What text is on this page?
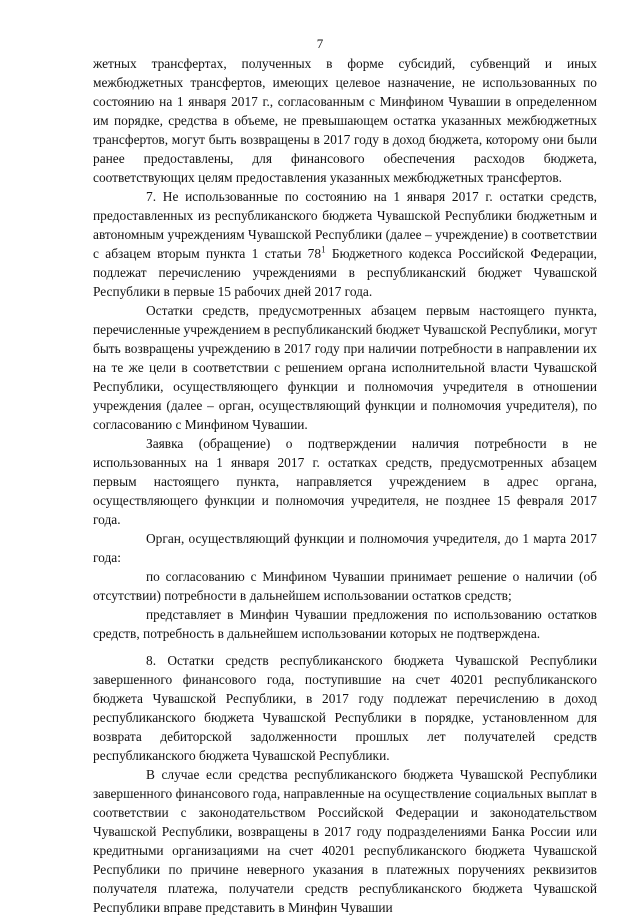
7

жетных трансфертах, полученных в форме субсидий, субвенций и иных межбюджетных трансфертов, имеющих целевое назначение, не использованных по состоянию на 1 января 2017 г., согласованным с Минфином Чувашии в определенном им порядке, средства в объеме, не превышающем остатка указанных межбюджетных трансфертов, могут быть возвращены в 2017 году в доход бюджета, которому они были ранее предоставлены, для финансового обеспечения расходов бюджета, соответствующих целям предоставления указанных межбюджетных трансфертов.

7. Не использованные по состоянию на 1 января 2017 г. остатки средств, предоставленных из республиканского бюджета Чувашской Республики бюджетным и автономным учреждениям Чувашской Республики (далее – учреждение) в соответствии с абзацем вторым пункта 1 статьи $78^1$ Бюджетного кодекса Российской Федерации, подлежат перечислению учреждениями в республиканский бюджет Чувашской Республики в первые 15 рабочих дней 2017 года.

Остатки средств, предусмотренных абзацем первым настоящего пункта, перечисленные учреждением в республиканский бюджет Чувашской Республики, могут быть возвращены учреждению в 2017 году при наличии потребности в направлении их на те же цели в соответствии с решением органа исполнительной власти Чувашской Республики, осуществляющего функции и полномочия учредителя в отношении учреждения (далее – орган, осуществляющий функции и полномочия учредителя), по согласованию с Минфином Чувашии.

Заявка (обращение) о подтверждении наличия потребности в не использованных на 1 января 2017 г. остатках средств, предусмотренных абзацем первым настоящего пункта, направляется учреждением в адрес органа, осуществляющего функции и полномочия учредителя, не позднее 15 февраля 2017 года.

Орган, осуществляющий функции и полномочия учредителя, до 1 марта 2017 года:

по согласованию с Минфином Чувашии принимает решение о наличии (об отсутствии) потребности в дальнейшем использовании остатков средств;

представляет в Минфин Чувашии предложения по использованию остатков средств, потребность в дальнейшем использовании которых не подтверждена.

8. Остатки средств республиканского бюджета Чувашской Республики завершенного финансового года, поступившие на счет 40201 республиканского бюджета Чувашской Республики, в 2017 году подлежат перечислению в доход республиканского бюджета Чувашской Республики в порядке, установленном для возврата дебиторской задолженности прошлых лет получателей средств республиканского бюджета Чувашской Республики.

В случае если средства республиканского бюджета Чувашской Республики завершенного финансового года, направленные на осуществление социальных выплат в соответствии с законодательством Российской Федерации и законодательством Чувашской Республики, возвращены в 2017 году подразделениями Банка России или кредитными организациями на счет 40201 республиканского бюджета Чувашской Республики по причине неверного указания в платежных поручениях реквизитов получателя платежа, получатели средств республиканского бюджета Чувашской Республики вправе представить в Минфин Чувашии
